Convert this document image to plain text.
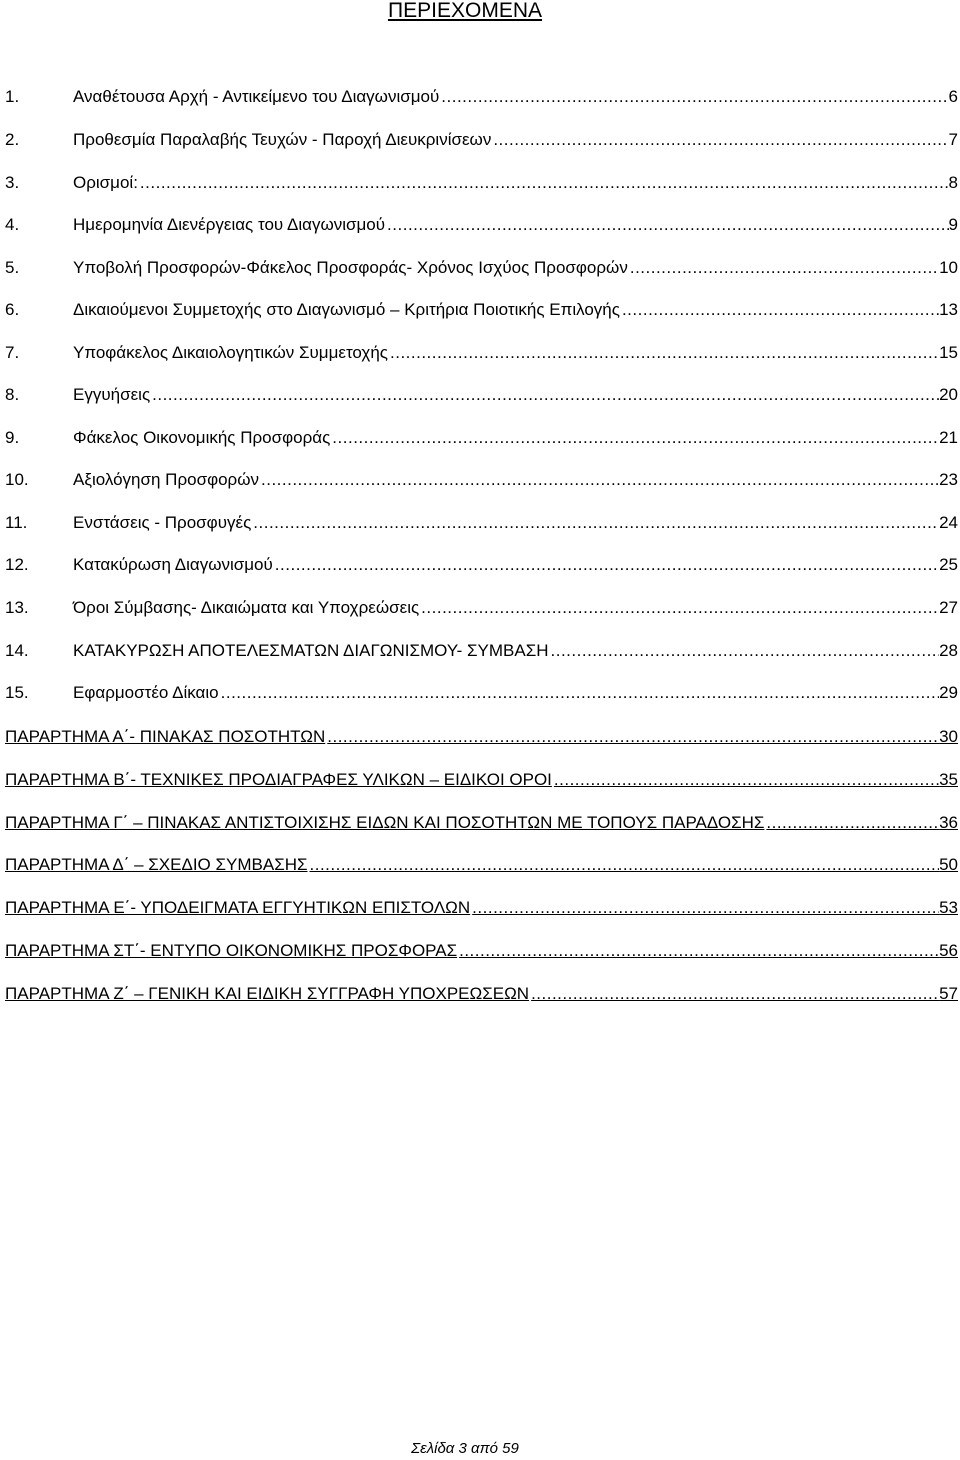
ΠΕΡΙΕΧΟΜΕΝΑ
1.	Αναθέτουσα Αρχή - Αντικείμενο του Διαγωνισμού .....	6
2.	Προθεσμία Παραλαβής Τευχών - Παροχή Διευκρινίσεων .....	7
3.	Ορισμοί: .....	8
4.	Ημερομηνία Διενέργειας του Διαγωνισμού .....	9
5.	Υποβολή Προσφορών-Φάκελος Προσφοράς- Χρόνος Ισχύος Προσφορών .....	10
6.	Δικαιούμενοι Συμμετοχής στο Διαγωνισμό – Κριτήρια Ποιοτικής Επιλογής .....	13
7.	Υποφάκελος Δικαιολογητικών Συμμετοχής .....	15
8.	Εγγυήσεις .....	20
9.	Φάκελος Οικονομικής Προσφοράς .....	21
10.	Αξιολόγηση Προσφορών .....	23
11.	Ενστάσεις - Προσφυγές .....	24
12.	Κατακύρωση Διαγωνισμού .....	25
13.	Όροι Σύμβασης- Δικαιώματα και Υποχρεώσεις .....	27
14.	ΚΑΤΑΚΥΡΩΣΗ ΑΠΟΤΕΛΕΣΜΑΤΩΝ ΔΙΑΓΩΝΙΣΜΟΥ- ΣΥΜΒΑΣΗ .....	28
15.	Εφαρμοστέο Δίκαιο .....	29
ΠΑΡΑΡΤΗΜΑ Α΄- ΠΙΝΑΚΑΣ ΠΟΣΟΤΗΤΩΝ .....	30
ΠΑΡΑΡΤΗΜΑ Β΄- ΤΕΧΝΙΚΕΣ ΠΡΟΔΙΑΓΡΑΦΕΣ ΥΛΙΚΩΝ – ΕΙΔΙΚΟΙ ΟΡΟΙ .....	35
ΠΑΡΑΡΤΗΜΑ Γ΄ – ΠΙΝΑΚΑΣ ΑΝΤΙΣΤΟΙΧΙΣΗΣ ΕΙΔΩΝ ΚΑΙ ΠΟΣΟΤΗΤΩΝ ΜΕ ΤΟΠΟΥΣ ΠΑΡΑΔΟΣΗΣ .....	36
ΠΑΡΑΡΤΗΜΑ Δ΄ – ΣΧΕΔΙΟ ΣΥΜΒΑΣΗΣ .....	50
ΠΑΡΑΡΤΗΜΑ Ε΄- ΥΠΟΔΕΙΓΜΑΤΑ ΕΓΓΥΗΤΙΚΩΝ ΕΠΙΣΤΟΛΩΝ .....	53
ΠΑΡΑΡΤΗΜΑ ΣΤ΄- ΕΝΤΥΠΟ ΟΙΚΟΝΟΜΙΚΗΣ ΠΡΟΣΦΟΡΑΣ .....	56
ΠΑΡΑΡΤΗΜΑ Ζ΄ – ΓΕΝΙΚΗ ΚΑΙ ΕΙΔΙΚΗ ΣΥΓΓΡΑΦΗ ΥΠΟΧΡΕΩΣΕΩΝ .....	57
Σελίδα 3 από 59
